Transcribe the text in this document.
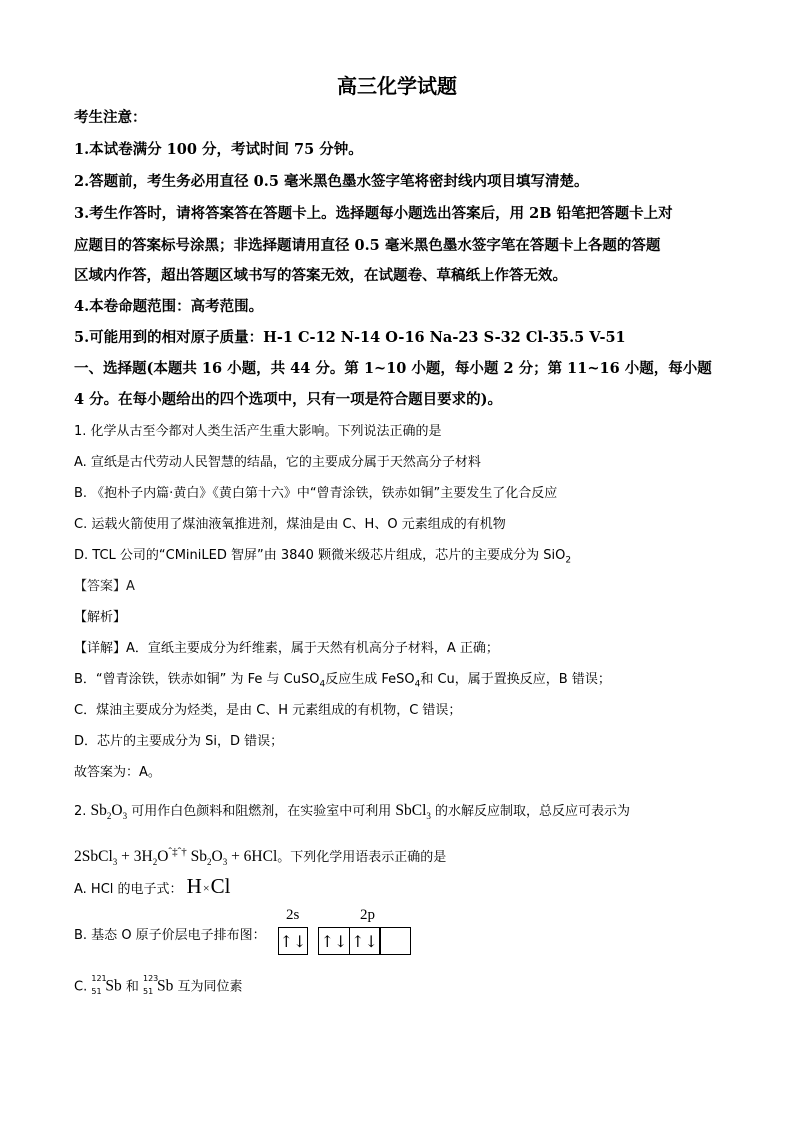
高三化学试题
考生注意：
1.本试卷满分 100 分，考试时间 75 分钟。
2.答题前，考生务必用直径 0.5 毫米黑色墨水签字笔将密封线内项目填写清楚。
3.考生作答时，请将答案答在答题卡上。选择题每小题选出答案后，用 2B 铅笔把答题卡上对
应题目的答案标号涂黑；非选择题请用直径 0.5 毫米黑色墨水签字笔在答题卡上各题的答题
区域内作答，超出答题区域书写的答案无效，在试题卷、草稿纸上作答无效。
4.本卷命题范围：高考范围。
5.可能用到的相对原子质量：H-1 C-12 N-14 O-16 Na-23 S-32 Cl-35.5 V-51
一、选择题(本题共 16 小题，共 44 分。第 1~10 小题，每小题 2 分；第 11~16 小题，每小题
4 分。在每小题给出的四个选项中，只有一项是符合题目要求的)。
1. 化学从古至今都对人类生活产生重大影响。下列说法正确的是
A. 宣纸是古代劳动人民智慧的结晶，它的主要成分属于天然高分子材料
B. 《抱朴子内篇·黄白》《黄白第十六》中“曾青涂铁，铁赤如铜”主要发生了化合反应
C. 运载火箭使用了煤油液氧推进剂，煤油是由 C、H、O 元素组成的有机物
D. TCL 公司的“CMiniLED 智屏”由 3840 颗微米级芯片组成，芯片的主要成分为 SiO$_2$
【答案】A
【解析】
【详解】A．宣纸主要成分为纤维素，属于天然有机高分子材料，A 正确；
B．“曾青涂铁，铁赤如铜” 为 Fe 与 CuSO$_4$反应生成 FeSO$_4$和 Cu，属于置换反应，B 错误；
C．煤油主要成分为烃类，是由 C、H 元素组成的有机物，C 错误；
D．芯片的主要成分为 Si，D 错误；
故答案为：A。
2. $Sb_2O_3$ 可用作白色颜料和阻燃剂，在实验室中可利用 SbCl$_3$ 的水解反应制取，总反应可表示为
2SbCl$_3$ + $3H_2O^{ˆ\ddagger ˆ\dagger}$ $Sb_2O_3 + 6HCl$。下列化学用语表示正确的是
A. HCl 的电子式： H×Cl
2s	2p
B. 基态 O 原子价层电子排布图： ↑↓ ↑↓ ↑↓
C.
121
51 Sb 和
123
51 Sb 互为同位素
